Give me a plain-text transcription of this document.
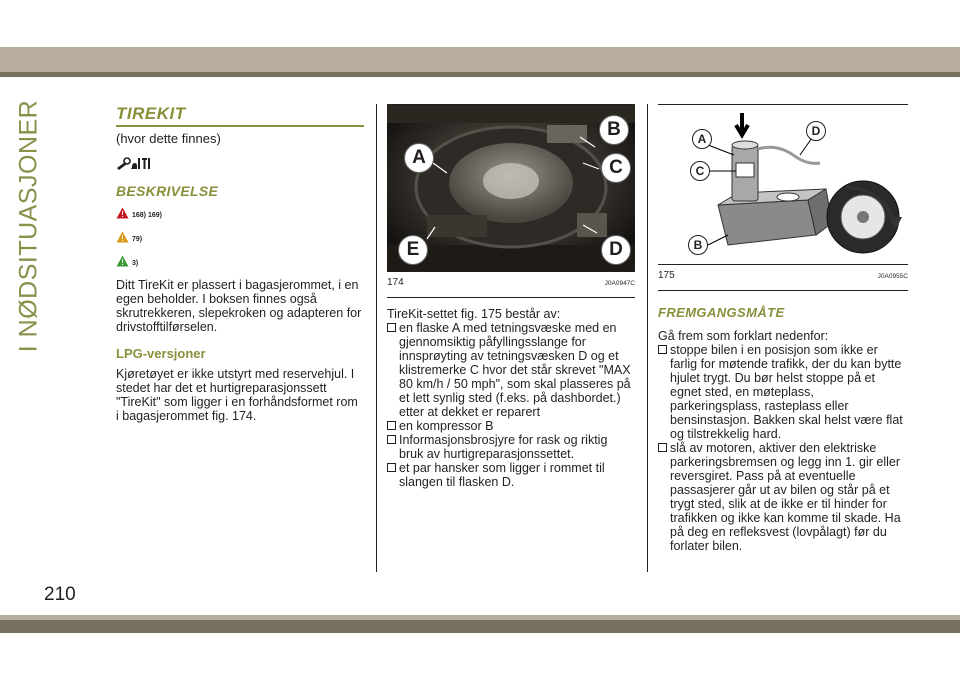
I NØDSITUASJONER	TIREKIT
(hvor dette finnes)
BESKRIVELSE
168) 169)
79)
3)

Ditt TireKit er plassert i bagasjerommet, i en egen beholder. I boksen finnes også skrutrekkeren, slepekroken og adapteren for drivstofftilførselen.

LPG-versjoner

Kjøretøyet er ikke utstyrt med reservehjul. I stedet har det et hurtigreparasjonssett "TireKit" som ligger i en forhåndsformet rom i bagasjerommet fig. 174.

A
B
C
D
E
174	J0A0947C

TireKit-settet fig. 175 består av:

en flaske A med tetningsvæske med en gjennomsiktig påfyllingsslange for innsprøyting av tetningsvæsken D og et klistremerke C hvor det står skrevet "MAX 80 km/h / 50 mph", som skal plasseres på et lett synlig sted (f.eks. på dashbordet.) etter at dekket er reparert
en kompressor B
Informasjonsbrosjyre for rask og riktig bruk av hurtigreparasjonssettet.
et par hansker som ligger i rommet til slangen til flasken D.
A
B
C
D
175	J0A0955C
FREMGANGSMÅTE

Gå frem som forklart nedenfor:

stoppe bilen i en posisjon som ikke er farlig for møtende trafikk, der du kan bytte hjulet trygt. Du bør helst stoppe på et egnet sted, en møteplass, parkeringsplass, rasteplass eller bensinstasjon. Bakken skal helst være flat og tilstrekkelig hard.
slå av motoren, aktiver den elektriske parkeringsbremsen og legg inn 1. gir eller reversgiret. Pass på at eventuelle passasjerer går ut av bilen og står på et trygt sted, slik at de ikke er til hinder for trafikken og ikke kan komme til skade. Ha på deg en refleksvest (lovpålagt) før du forlater bilen.
210
